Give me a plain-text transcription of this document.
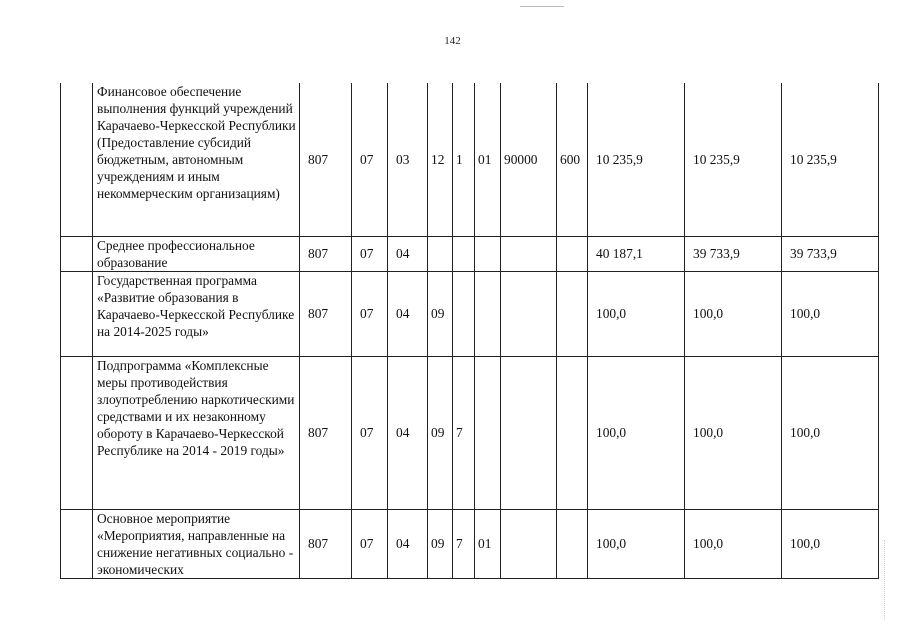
142
	Финансовое обеспечение выполнения функций учреждений Карачаево-Черкесской Республики (Предоставление субсидий бюджетным, автономным учреждениям и иным некоммерческим организациям)	807	07	03	12	1	01	90000	600	10 235,9	10 235,9	10 235,9
	Среднее профессиональное образование	807	07	04						40 187,1	39 733,9	39 733,9
	Государственная программа «Развитие образования в Карачаево-Черкесской Республике на 2014-2025 годы»	807	07	04	09					100,0	100,0	100,0
	Подпрограмма «Комплексные меры противодействия злоупотреблению наркотическими средствами и их незаконному обороту в Карачаево-Черкесской Республике на 2014 - 2019 годы»	807	07	04	09	7				100,0	100,0	100,0
	Основное мероприятие «Мероприятия, направленные на снижение негативных социально - экономических	807	07	04	09	7	01			100,0	100,0	100,0
